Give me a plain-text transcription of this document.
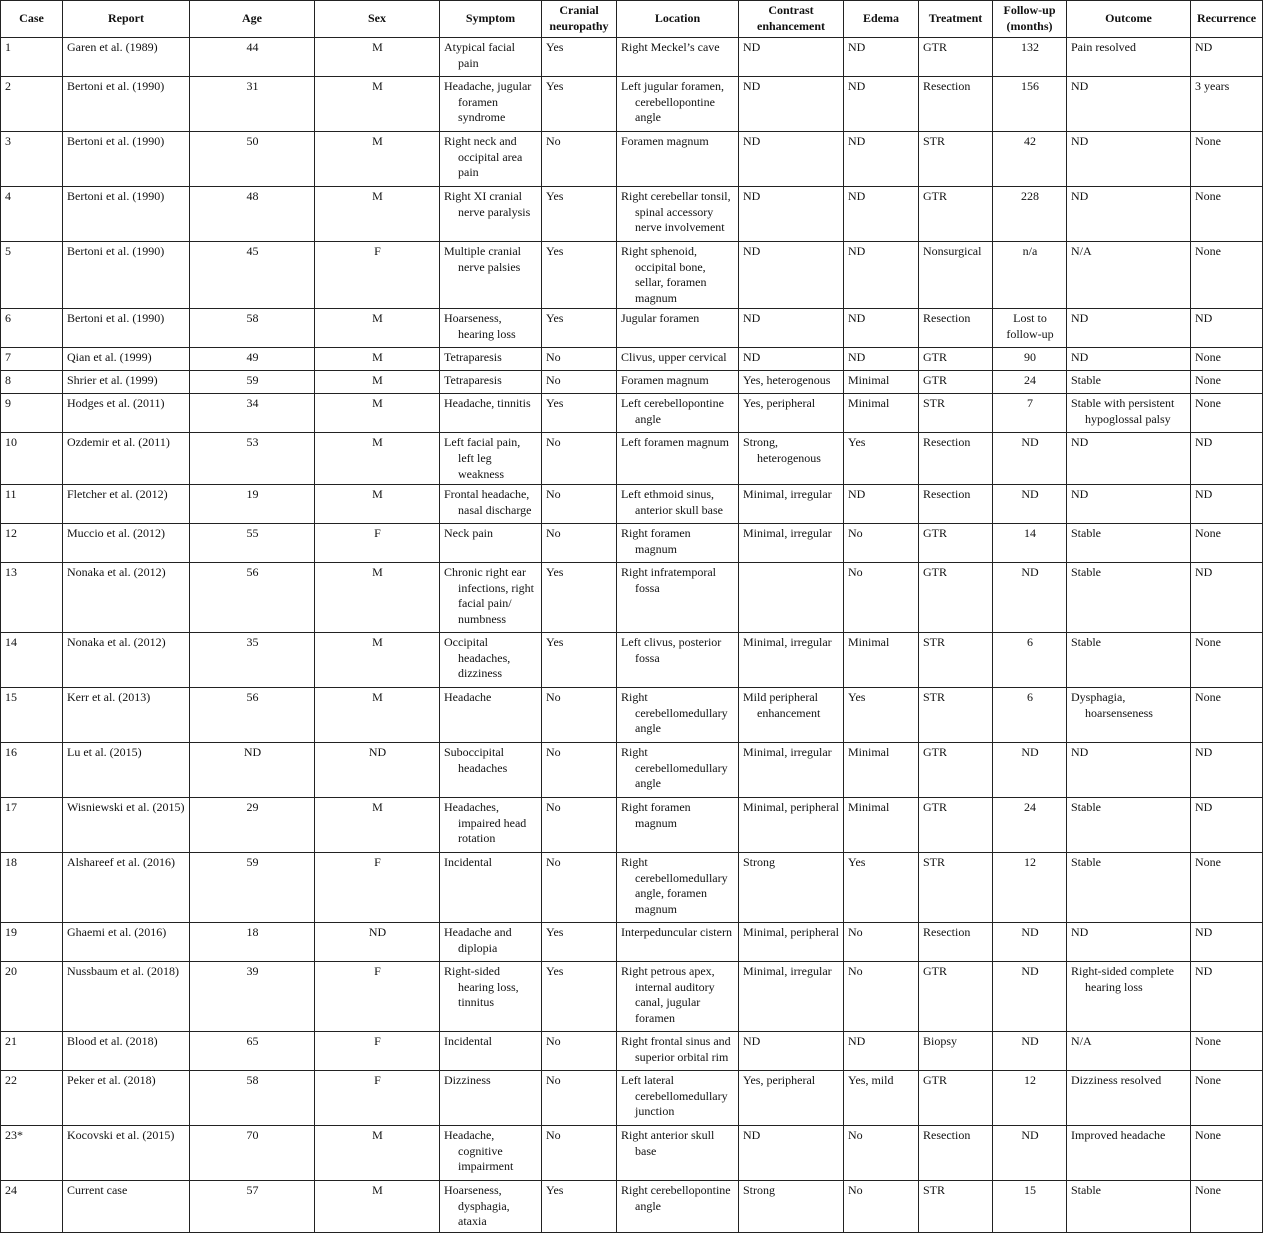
Case	Report	Age	Sex	Symptom	Cranial neuropathy	Location	Contrast enhancement	Edema	Treatment	Follow-up (months)	Outcome	Recurrence
1	Garen et al. (1989)	44	M	Atypical facial pain	Yes	Right Meckel’s cave	ND	ND	GTR	132	Pain resolved	ND
2	Bertoni et al. (1990)	31	M	Headache, jugular foramen syndrome	Yes	Left jugular foramen, cerebellopontine angle	ND	ND	Resection	156	ND	3 years
3	Bertoni et al. (1990)	50	M	Right neck and occipital area pain	No	Foramen magnum	ND	ND	STR	42	ND	None
4	Bertoni et al. (1990)	48	M	Right XI cranial nerve paralysis	Yes	Right cerebellar tonsil, spinal accessory nerve involvement	ND	ND	GTR	228	ND	None
5	Bertoni et al. (1990)	45	F	Multiple cranial nerve palsies	Yes	Right sphenoid, occipital bone, sellar, foramen magnum	ND	ND	Nonsurgical	n/a	N/A	None
6	Bertoni et al. (1990)	58	M	Hoarseness, hearing loss	Yes	Jugular foramen	ND	ND	Resection	Lost to follow-up	ND	ND
7	Qian et al. (1999)	49	M	Tetraparesis	No	Clivus, upper cervical	ND	ND	GTR	90	ND	None
8	Shrier et al. (1999)	59	M	Tetraparesis	No	Foramen magnum	Yes, heterogenous	Minimal	GTR	24	Stable	None
9	Hodges et al. (2011)	34	M	Headache, tinnitis	Yes	Left cerebellopontine angle	Yes, peripheral	Minimal	STR	7	Stable with persistent hypoglossal palsy	None
10	Ozdemir et al. (2011)	53	M	Left facial pain, left leg weakness	No	Left foramen magnum	Strong, heterogenous	Yes	Resection	ND	ND	ND
11	Fletcher et al. (2012)	19	M	Frontal headache, nasal discharge	No	Left ethmoid sinus, anterior skull base	Minimal, irregular	ND	Resection	ND	ND	ND
12	Muccio et al. (2012)	55	F	Neck pain	No	Right foramen magnum	Minimal, irregular	No	GTR	14	Stable	None
13	Nonaka et al. (2012)	56	M	Chronic right ear infections, right facial pain/ numbness	Yes	Right infratemporal fossa		No	GTR	ND	Stable	ND
14	Nonaka et al. (2012)	35	M	Occipital headaches, dizziness	Yes	Left clivus, posterior fossa	Minimal, irregular	Minimal	STR	6	Stable	None
15	Kerr et al. (2013)	56	M	Headache	No	Right cerebellomedullary angle	Mild peripheral enhancement	Yes	STR	6	Dysphagia, hoarsenseness	None
16	Lu et al. (2015)	ND	ND	Suboccipital headaches	No	Right cerebellomedullary angle	Minimal, irregular	Minimal	GTR	ND	ND	ND
17	Wisniewski et al. (2015)	29	M	Headaches, impaired head rotation	No	Right foramen magnum	Minimal, peripheral	Minimal	GTR	24	Stable	ND
18	Alshareef et al. (2016)	59	F	Incidental	No	Right cerebellomedullary angle, foramen magnum	Strong	Yes	STR	12	Stable	None
19	Ghaemi et al. (2016)	18	ND	Headache and diplopia	Yes	Interpeduncular cistern	Minimal, peripheral	No	Resection	ND	ND	ND
20	Nussbaum et al. (2018)	39	F	Right-sided hearing loss, tinnitus	Yes	Right petrous apex, internal auditory canal, jugular foramen	Minimal, irregular	No	GTR	ND	Right-sided complete hearing loss	ND
21	Blood et al. (2018)	65	F	Incidental	No	Right frontal sinus and superior orbital rim	ND	ND	Biopsy	ND	N/A	None
22	Peker et al. (2018)	58	F	Dizziness	No	Left lateral cerebellomedullary junction	Yes, peripheral	Yes, mild	GTR	12	Dizziness resolved	None
23*	Kocovski et al. (2015)	70	M	Headache, cognitive impairment	No	Right anterior skull base	ND	No	Resection	ND	Improved headache	None
24	Current case	57	M	Hoarseness, dysphagia, ataxia	Yes	Right cerebellopontine angle	Strong	No	STR	15	Stable	None
